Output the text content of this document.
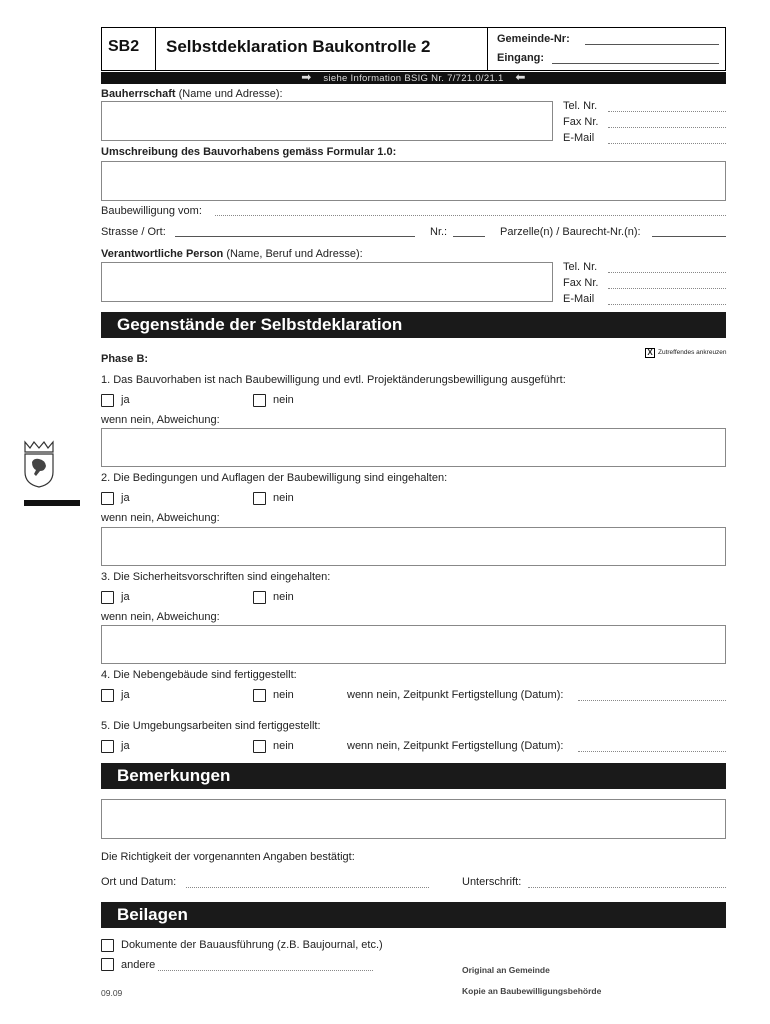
SB2 Selbstdeklaration Baukontrolle 2	Gemeinde-Nr:
Eingang:
➡ siehe Information BSIG Nr. 7/721.0/21.1 ⬅
Bauherrschaft (Name und Adresse):
Tel. Nr.
Fax Nr.
E-Mail
Umschreibung des Bauvorhabens gemäss Formular 1.0:
Baubewilligung vom:
Strasse / Ort:	Nr.:	Parzelle(n) / Baurecht-Nr.(n):
Verantwortliche Person (Name, Beruf und Adresse):
Tel. Nr.
Fax Nr.
E-Mail
Gegenstände der Selbstdeklaration
Phase B:
X Zutreffendes ankreuzen
1. Das Bauvorhaben ist nach Baubewilligung und evtl. Projektänderungsbewilligung ausgeführt:
ja	nein
wenn nein, Abweichung:
2. Die Bedingungen und Auflagen der Baubewilligung sind eingehalten:
ja	nein
wenn nein, Abweichung:
3. Die Sicherheitsvorschriften sind eingehalten:
ja	nein
wenn nein, Abweichung:
4. Die Nebengebäude sind fertiggestellt:
ja	nein	wenn nein, Zeitpunkt Fertigstellung (Datum):
5. Die Umgebungsarbeiten sind fertiggestellt:
ja	nein	wenn nein, Zeitpunkt Fertigstellung (Datum):
Bemerkungen
Die Richtigkeit der vorgenannten Angaben bestätigt:
Ort und Datum:	Unterschrift:
Beilagen
Dokumente der Bauausführung (z.B. Baujournal, etc.)
andere	Original an Gemeinde
09.09	Kopie an Baubewilligungsbehörde
